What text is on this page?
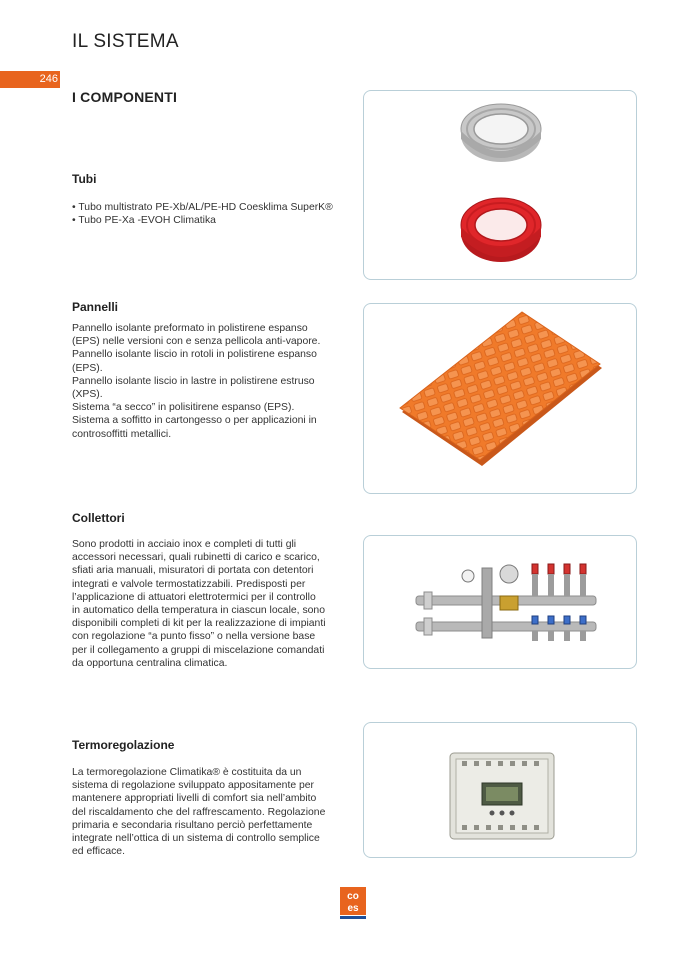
IL SISTEMA
246
I COMPONENTI
Tubi
• Tubo multistrato PE-Xb/AL/PE-HD Coesklima SuperK®
• Tubo PE-Xa -EVOH Climatika
Pannelli
Pannello isolante preformato in polistirene espanso
(EPS) nelle versioni con e senza pellicola anti-vapore.
Pannello isolante liscio in rotoli in polistirene espanso
(EPS).
Pannello isolante liscio in lastre in polistirene estruso
(XPS).
Sistema “a secco” in polisitirene espanso (EPS).
Sistema a soffitto in cartongesso o per applicazioni in
controsoffitti metallici.
Collettori
Sono prodotti in acciaio inox e completi di tutti gli
accessori necessari, quali rubinetti di carico e scarico,
sfiati aria manuali, misuratori di portata con detentori
integrati e valvole termostatizzabili. Predisposti per
l’applicazione di attuatori elettrotermici per il controllo
in automatico della temperatura in ciascun locale, sono
disponibili completi di kit per la realizzazione di impianti
con regolazione “a punto fisso” o nella versione base
per il collegamento a gruppi di miscelazione comandati
da opportuna centralina climatica.
Termoregolazione
La termoregolazione Climatika® è costituita da un
sistema di regolazione sviluppato appositamente per
mantenere appropriati livelli di comfort sia nell’ambito
del riscaldamento che del raffrescamento. Regolazione
primaria e secondaria risultano perciò perfettamente
integrate nell’ottica di un sistema di controllo semplice
ed efficace.
co
es
